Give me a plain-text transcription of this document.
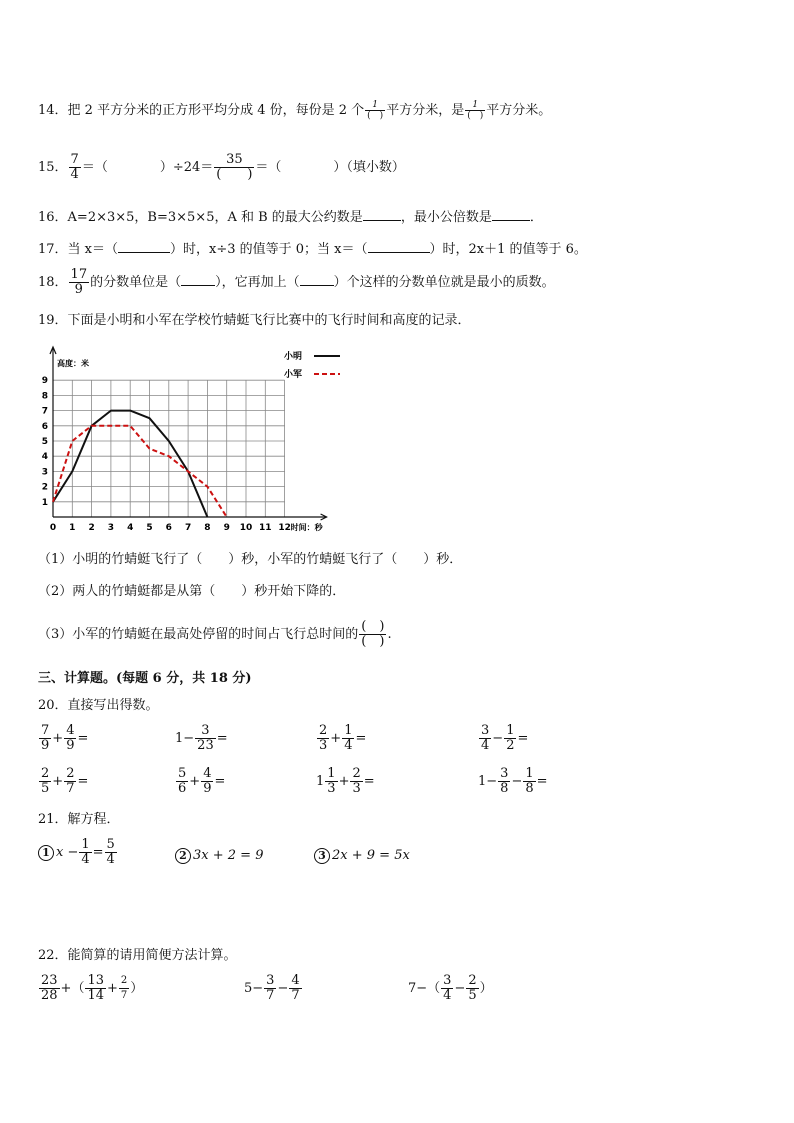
14．把 2 平方分米的正方形平均分成 4 份，每份是 2 个 1
(　) 平方分米，是 1
(　) 平方分米。
15． $\frac{7}{4}$ ＝（　　　　）÷24＝
35
(　　) ＝（　　　　）（填小数）
16．A=2×3×5，B=3×5×5，A 和 B 的最大公约数是	，最小公倍数是	．
17．当 x＝（	）时，x÷3 的值等于 0；当 x＝（	）时，2x＋1 的值等于 6。
18． $\frac{17}{9}$ 的分数单位是（	），它再加上（	）个这样的分数单位就是最小的质数。
19．下面是小明和小军在学校竹蜻蜓飞行比赛中的飞行时间和高度的记录．
0 1 2 3 4 5 6 7 8 9 10 11 12
1
2
3
4
5
6
7
8
9
高度：米
时间：秒
小明
小军
（1）小明的竹蜻蜓飞行了（　　）秒，小军的竹蜻蜓飞行了（　　）秒．
（2）两人的竹蜻蜓都是从第（　　）秒开始下降的．
（3）小军的竹蜻蜓在最高处停留的时间占飞行总时间的
(　)
(　) .
三、计算题。(每题 6 分，共 18 分)
20．直接写出得数。
$\frac{7}{9} + \frac{4}{9}$ =	$1- \frac{3}{23}$ =	$\frac{2}{3} + \frac{1}{4}$ =	$\frac{3}{4} - \frac{1}{2}$ =
$\frac{2}{5} + \frac{2}{7}$ =	$\frac{5}{6} + \frac{4}{9}$ =	$1 \frac{1}{3} + \frac{2}{3}$ =	$1- \frac{3}{8} - \frac{1}{8}$ =
21．解方程．
1 $x - \frac{1}{4} = \frac{5}{4}$	2 3x + 2 = 9	3 2x + 9 = 5x
22．能简算的请用简便方法计算。
$\frac{23}{28}$ +（ $\frac{13}{14} + \frac{2}{7}$ ）	$5- \frac{3}{7} - \frac{4}{7}$	$7-( \frac{3}{4} - \frac{2}{5}$ ）
